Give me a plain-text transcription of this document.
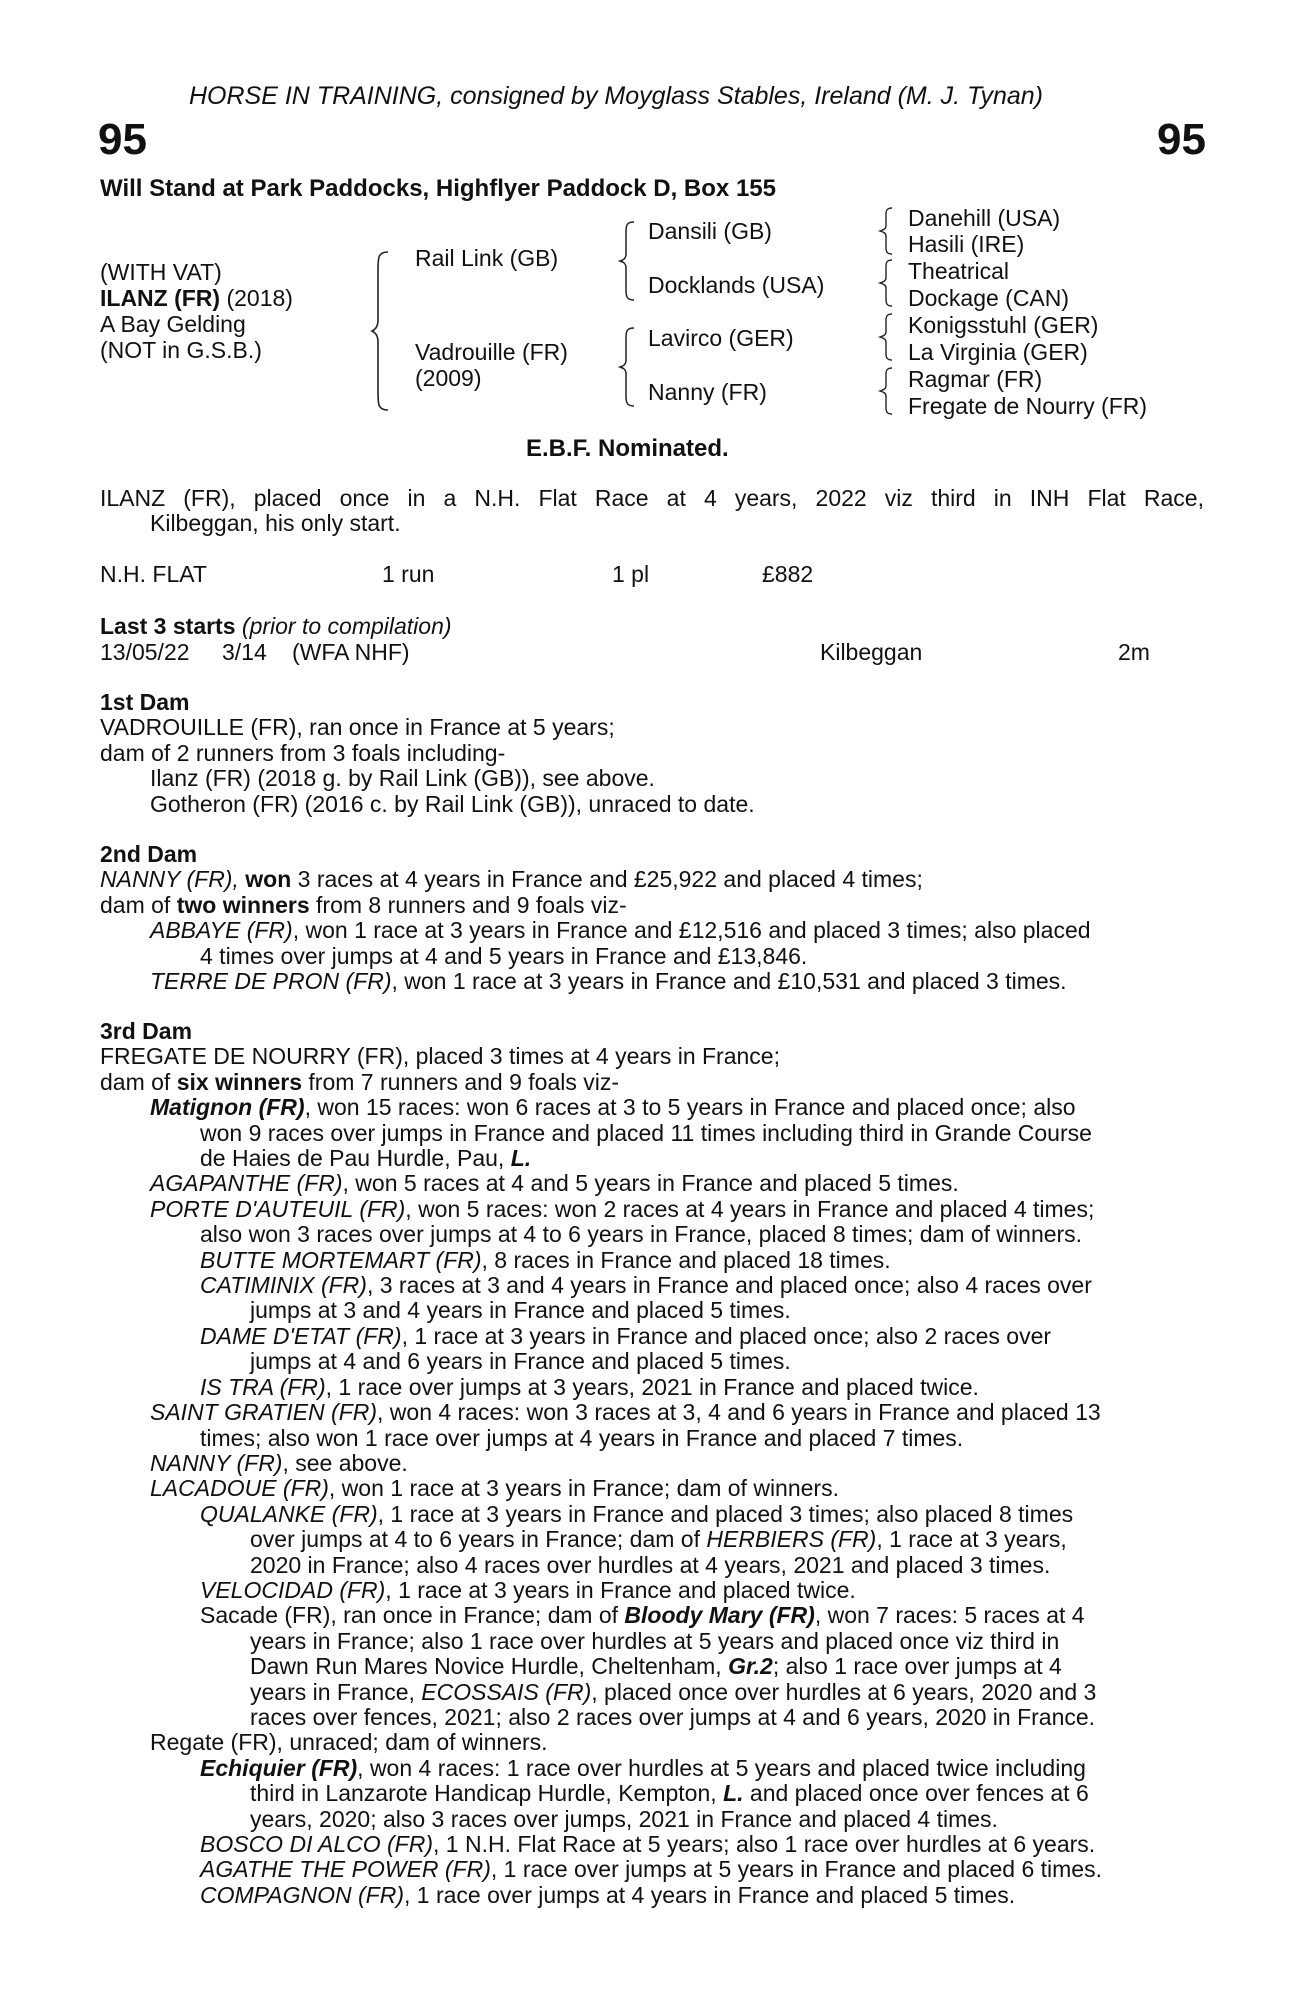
HORSE IN TRAINING, consigned by Moyglass Stables, Ireland (M. J. Tynan)
95	95
Will Stand at Park Paddocks, Highflyer Paddock D, Box 155
(WITH VAT)
ILANZ (FR) (2018)
A Bay Gelding
(NOT in G.S.B.)
Rail Link (GB)
Vadrouille (FR)
(2009)
Dansili (GB)
Docklands (USA)
Lavirco (GER)
Nanny (FR)
Danehill (USA)
Hasili (IRE)
Theatrical
Dockage (CAN)
Konigsstuhl (GER)
La Virginia (GER)
Ragmar (FR)
Fregate de Nourry (FR)
E.B.F. Nominated.
ILANZ (FR), placed once in a N.H. Flat Race at 4 years, 2022 viz third in INH Flat Race,
Kilbeggan, his only start.
N.H. FLAT	1 run	1 pl	£882
Last 3 starts (prior to compilation)
13/05/22 3/14 (WFA NHF)	Kilbeggan	2m
1st Dam
VADROUILLE (FR), ran once in France at 5 years;
dam of 2 runners from 3 foals including-
Ilanz (FR) (2018 g. by Rail Link (GB)), see above.
Gotheron (FR) (2016 c. by Rail Link (GB)), unraced to date.
2nd Dam
NANNY (FR), won 3 races at 4 years in France and £25,922 and placed 4 times;
dam of two winners from 8 runners and 9 foals viz-
ABBAYE (FR), won 1 race at 3 years in France and £12,516 and placed 3 times; also placed
4 times over jumps at 4 and 5 years in France and £13,846.
TERRE DE PRON (FR), won 1 race at 3 years in France and £10,531 and placed 3 times.
3rd Dam
FREGATE DE NOURRY (FR), placed 3 times at 4 years in France;
dam of six winners from 7 runners and 9 foals viz-
Matignon (FR), won 15 races: won 6 races at 3 to 5 years in France and placed once; also
won 9 races over jumps in France and placed 11 times including third in Grande Course
de Haies de Pau Hurdle, Pau, L.
AGAPANTHE (FR), won 5 races at 4 and 5 years in France and placed 5 times.
PORTE D'AUTEUIL (FR), won 5 races: won 2 races at 4 years in France and placed 4 times;
also won 3 races over jumps at 4 to 6 years in France, placed 8 times; dam of winners.
BUTTE MORTEMART (FR), 8 races in France and placed 18 times.
CATIMINIX (FR), 3 races at 3 and 4 years in France and placed once; also 4 races over
jumps at 3 and 4 years in France and placed 5 times.
DAME D'ETAT (FR), 1 race at 3 years in France and placed once; also 2 races over
jumps at 4 and 6 years in France and placed 5 times.
IS TRA (FR), 1 race over jumps at 3 years, 2021 in France and placed twice.
SAINT GRATIEN (FR), won 4 races: won 3 races at 3, 4 and 6 years in France and placed 13
times; also won 1 race over jumps at 4 years in France and placed 7 times.
NANNY (FR), see above.
LACADOUE (FR), won 1 race at 3 years in France; dam of winners.
QUALANKE (FR), 1 race at 3 years in France and placed 3 times; also placed 8 times
over jumps at 4 to 6 years in France; dam of HERBIERS (FR), 1 race at 3 years,
2020 in France; also 4 races over hurdles at 4 years, 2021 and placed 3 times.
VELOCIDAD (FR), 1 race at 3 years in France and placed twice.
Sacade (FR), ran once in France; dam of Bloody Mary (FR), won 7 races: 5 races at 4
years in France; also 1 race over hurdles at 5 years and placed once viz third in
Dawn Run Mares Novice Hurdle, Cheltenham, Gr.2; also 1 race over jumps at 4
years in France, ECOSSAIS (FR), placed once over hurdles at 6 years, 2020 and 3
races over fences, 2021; also 2 races over jumps at 4 and 6 years, 2020 in France.
Regate (FR), unraced; dam of winners.
Echiquier (FR), won 4 races: 1 race over hurdles at 5 years and placed twice including
third in Lanzarote Handicap Hurdle, Kempton, L. and placed once over fences at 6
years, 2020; also 3 races over jumps, 2021 in France and placed 4 times.
BOSCO DI ALCO (FR), 1 N.H. Flat Race at 5 years; also 1 race over hurdles at 6 years.
AGATHE THE POWER (FR), 1 race over jumps at 5 years in France and placed 6 times.
COMPAGNON (FR), 1 race over jumps at 4 years in France and placed 5 times.
